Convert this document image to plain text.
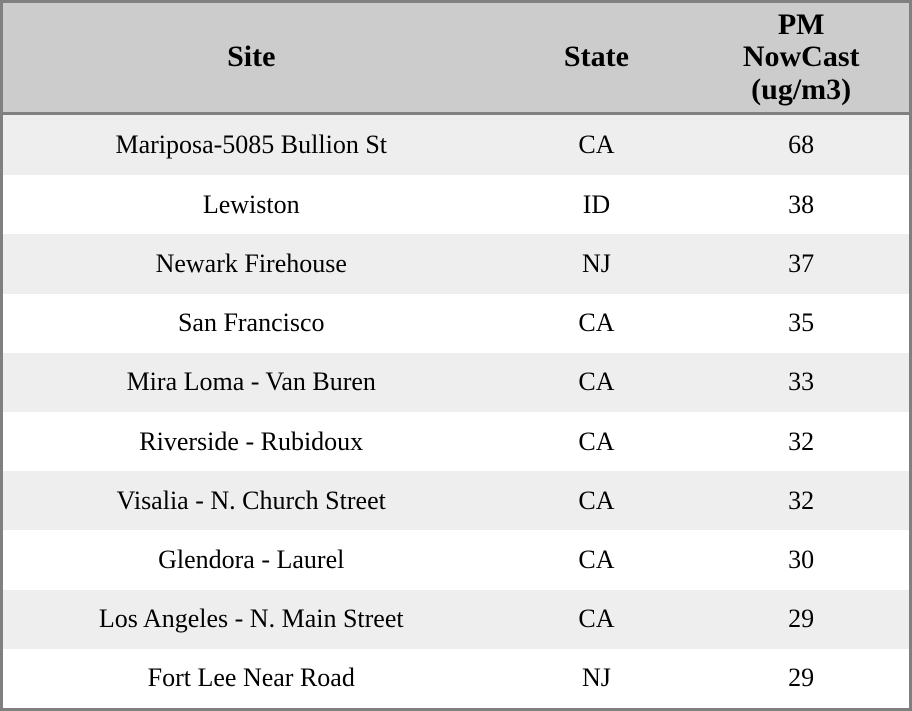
Site	State	PM
NowCast
(ug/m3)

Mariposa-5085 Bullion St	CA	68
Lewiston	ID	38
Newark Firehouse	NJ	37
San Francisco	CA	35
Mira Loma - Van Buren	CA	33
Riverside - Rubidoux	CA	32
Visalia - N. Church Street	CA	32
Glendora - Laurel	CA	30
Los Angeles - N. Main Street	CA	29
Fort Lee Near Road	NJ	29
